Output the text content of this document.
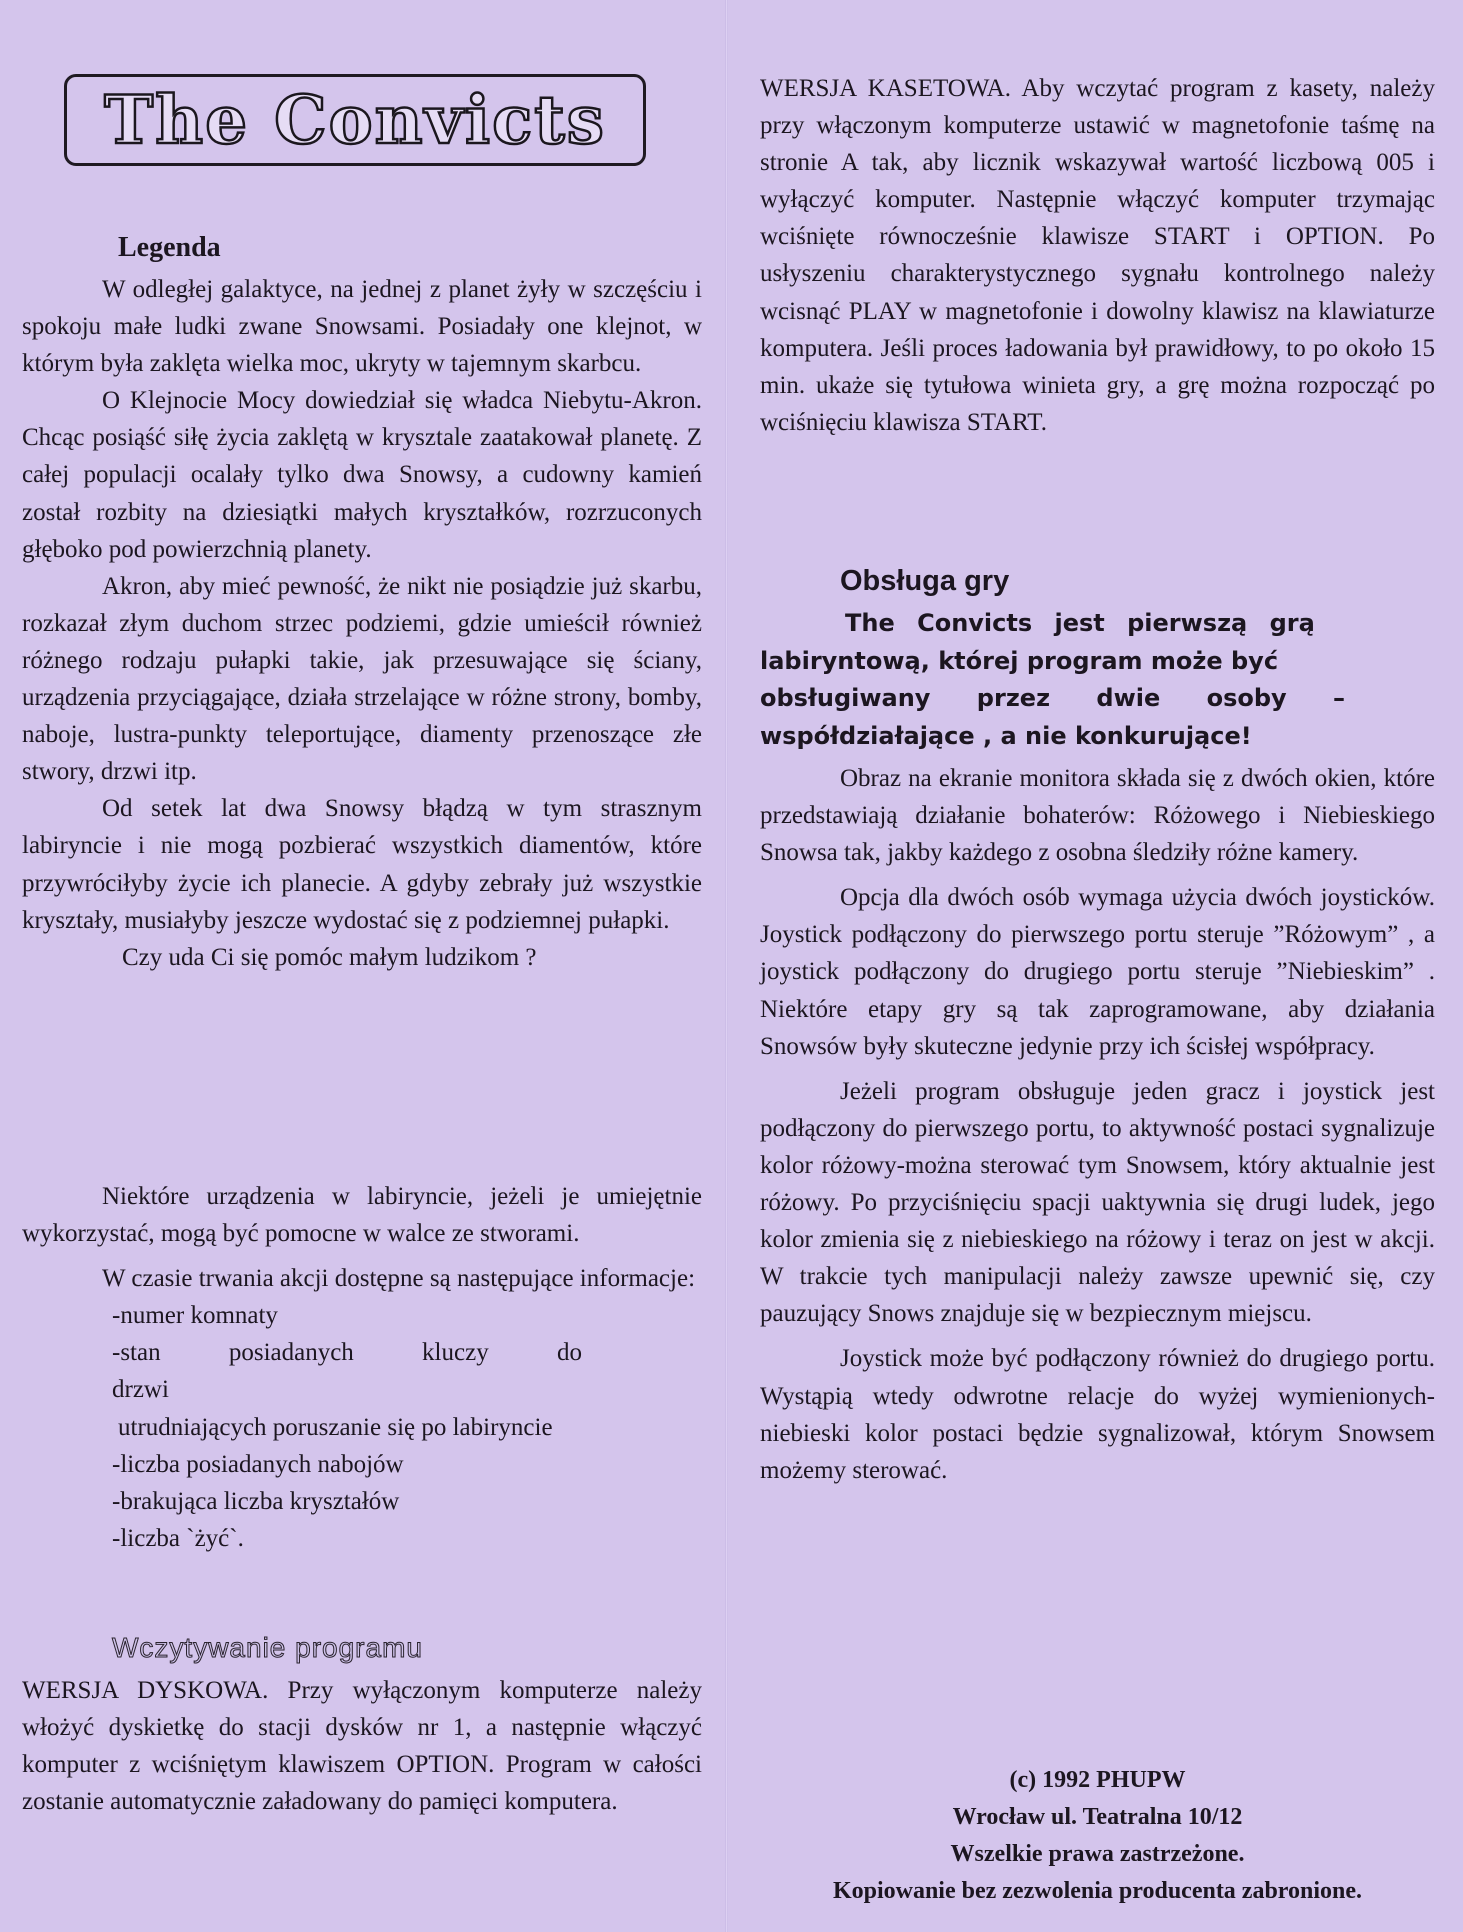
The Convicts
Legenda

W odległej galaktyce, na jednej z planet żyły w szczęściu i spokoju małe ludki zwane Snowsami. Posiadały one klejnot, w którym była zaklęta wielka moc, ukryty w tajemnym skarbcu.

O Klejnocie Mocy dowiedział się władca Niebytu-Akron. Chcąc posiąść siłę życia zaklętą w krysztale zaatakował planetę. Z całej populacji ocalały tylko dwa Snowsy, a cudowny kamień został rozbity na dziesiątki małych kryształków, rozrzuconych głęboko pod powierzchnią planety.

Akron, aby mieć pewność, że nikt nie posiądzie już skarbu, rozkazał złym duchom strzec podziemi, gdzie umieścił również różnego rodzaju pułapki takie, jak przesuwające się ściany, urządzenia przyciągające, działa strzelające w różne strony, bomby, naboje, lustra-punkty teleportujące, diamenty przenoszące złe stwory, drzwi itp.

Od setek lat dwa Snowsy błądzą w tym strasznym labiryncie i nie mogą pozbierać wszystkich diamentów, które przywróciłyby życie ich planecie. A gdyby zebrały już wszystkie kryształy, musiałyby jeszcze wydostać się z podziemnej pułapki.

Czy uda Ci się pomóc małym ludzikom ?

Niektóre urządzenia w labiryncie, jeżeli je umiejętnie wykorzystać, mogą być pomocne w walce ze stworami.

W czasie trwania akcji dostępne są następujące informacje:

-numer komnaty
-stan posiadanych kluczy do drzwi
utrudniających poruszanie się po labiryncie
-liczba posiadanych nabojów
-brakująca liczba kryształów
-liczba `żyć`.
Wczytywanie programu

WERSJA DYSKOWA. Przy wyłączonym komputerze należy włożyć dyskietkę do stacji dysków nr 1, a następnie włączyć komputer z wciśniętym klawiszem OPTION. Program w całości zostanie automatycznie załadowany do pamięci komputera.

WERSJA KASETOWA. Aby wczytać program z kasety, należy przy włączonym komputerze ustawić w magnetofonie taśmę na stronie A tak, aby licznik wskazywał wartość liczbową 005 i wyłączyć komputer. Następnie włączyć komputer trzymając wciśnięte równocześnie klawisze START i OPTION. Po usłyszeniu charakterystycznego sygnału kontrolnego należy wcisnąć PLAY w magnetofonie i dowolny klawisz na klawiaturze komputera. Jeśli proces ładowania był prawidłowy, to po około 15 min. ukaże się tytułowa winieta gry, a grę można rozpocząć po wciśnięciu klawisza START.

Obsługa gry

The Convicts jest pierwszą grą

labiryntową, której program może być

obsługiwany przez dwie osoby –

współdziałające , a nie konkurujące!

Obraz na ekranie monitora składa się z dwóch okien, które przedstawiają działanie bohaterów: Różowego i Niebieskiego Snowsa tak, jakby każdego z osobna śledziły różne kamery.

Opcja dla dwóch osób wymaga użycia dwóch joysticków. Joystick podłączony do pierwszego portu steruje ”Różowym” , a joystick podłączony do drugiego portu steruje ”Niebieskim” . Niektóre etapy gry są tak zaprogramowane, aby działania Snowsów były skuteczne jedynie przy ich ścisłej współpracy.

Jeżeli program obsługuje jeden gracz i joystick jest podłączony do pierwszego portu, to aktywność postaci sygnalizuje kolor różowy-można sterować tym Snowsem, który aktualnie jest różowy. Po przyciśnięciu spacji uaktywnia się drugi ludek, jego kolor zmienia się z niebieskiego na różowy i teraz on jest w akcji. W trakcie tych manipulacji należy zawsze upewnić się, czy pauzujący Snows znajduje się w bezpiecznym miejscu.

Joystick może być podłączony również do drugiego portu. Wystąpią wtedy odwrotne relacje do wyżej wymienionych-niebieski kolor postaci będzie sygnalizował, którym Snowsem możemy sterować.

(c) 1992 PHUPW
Wrocław ul. Teatralna 10/12
Wszelkie prawa zastrzeżone.
Kopiowanie bez zezwolenia producenta zabronione.
